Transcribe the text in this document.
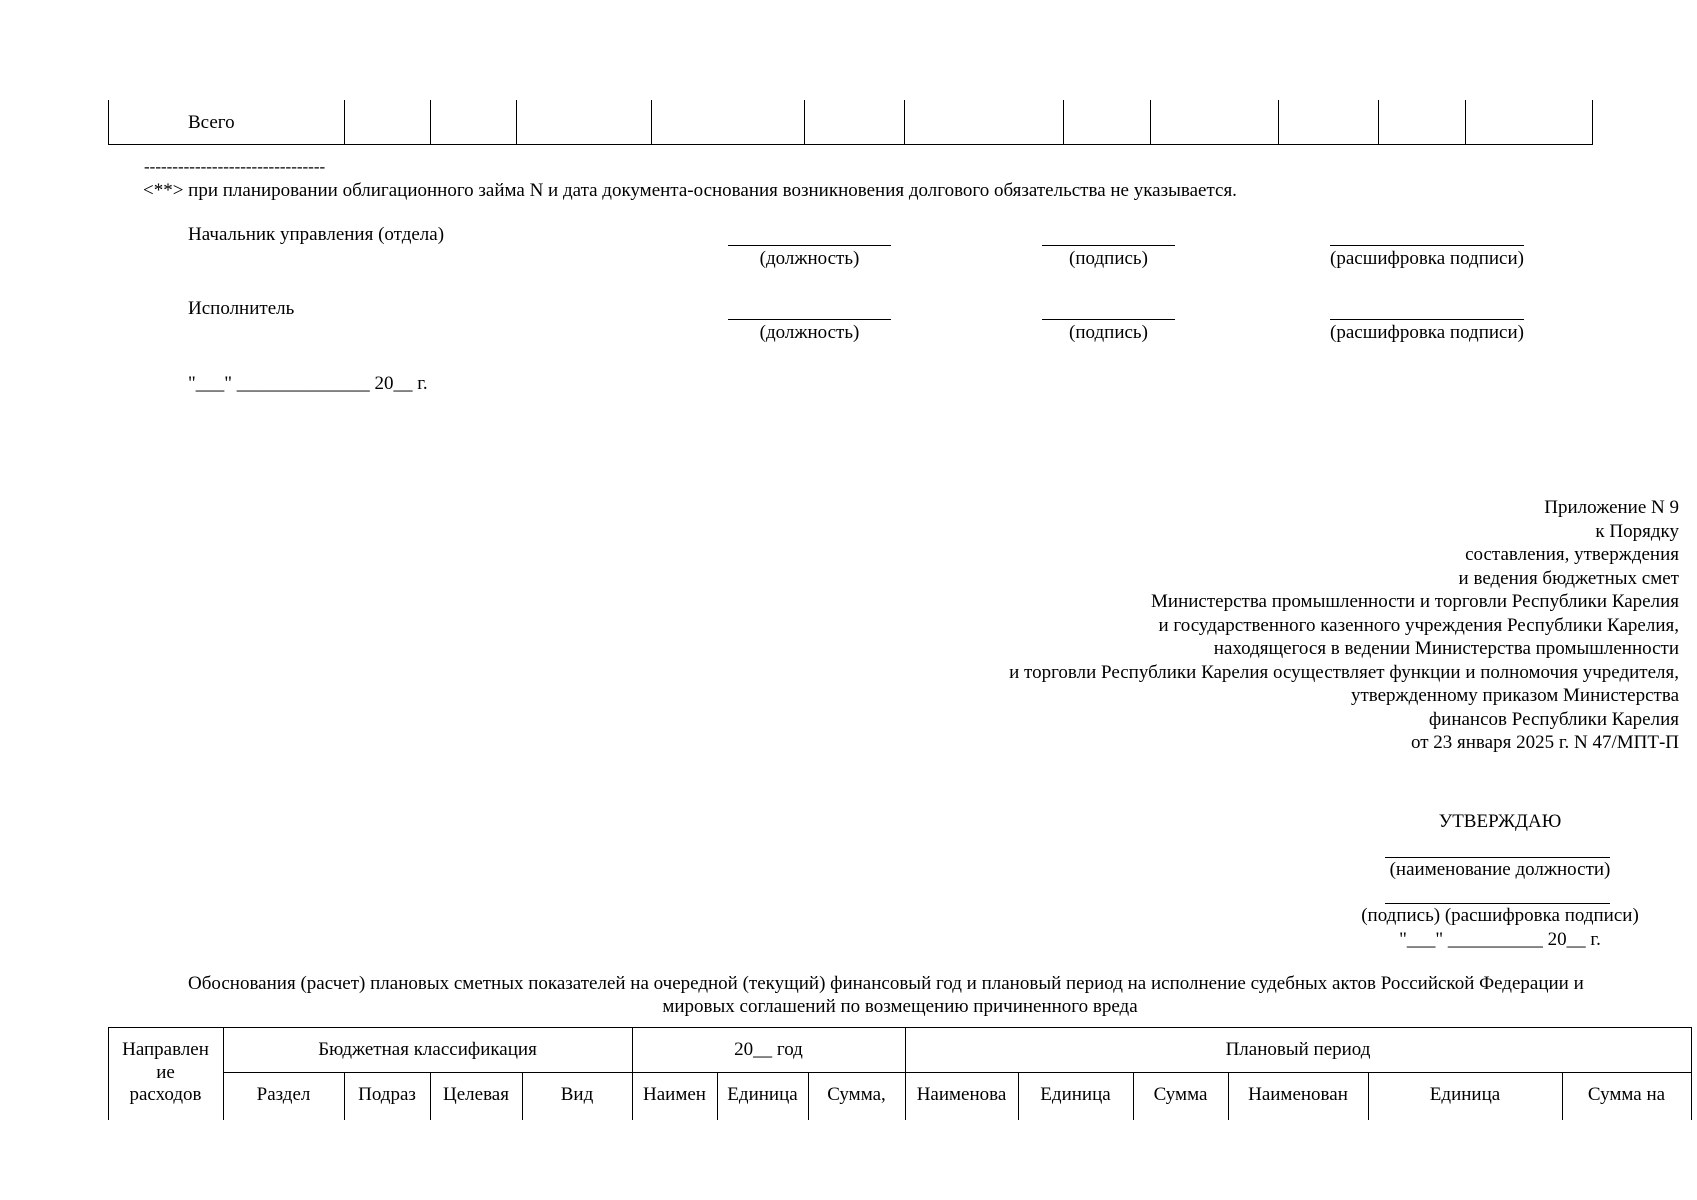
Всего
--------------------------------
<**> при планировании облигационного займа N и дата документа-основания возникновения долгового обязательства не указывается.
Начальник управления (отдела)
(должность)	(подпись)	(расшифровка подписи)
Исполнитель
(должность)	(подпись)	(расшифровка подписи)
"___" ______________ 20__ г.
Приложение N 9
к Порядку
составления, утверждения
и ведения бюджетных смет
Министерства промышленности и торговли Республики Карелия
и государственного казенного учреждения Республики Карелия,
находящегося в ведении Министерства промышленности
и торговли Республики Карелия осуществляет функции и полномочия учредителя,
утвержденному приказом Министерства
финансов Республики Карелия
от 23 января 2025 г. N 47/МПТ-П
УТВЕРЖДАЮ
(наименование должности)
(подпись) (расшифровка подписи)
"___" __________ 20__ г.
Обоснования (расчет) плановых сметных показателей на очередной (текущий) финансовый год и плановый период на исполнение судебных актов Российской Федерации и
мировых соглашений по возмещению причиненного вреда
Направлен
ие
расходов
Бюджетная классификация	20__ год	Плановый период
Раздел	Подраз	Целевая	Вид	Наимен	Единица	Сумма,	Наименова	Единица	Сумма	Наименован	Единица	Сумма на
